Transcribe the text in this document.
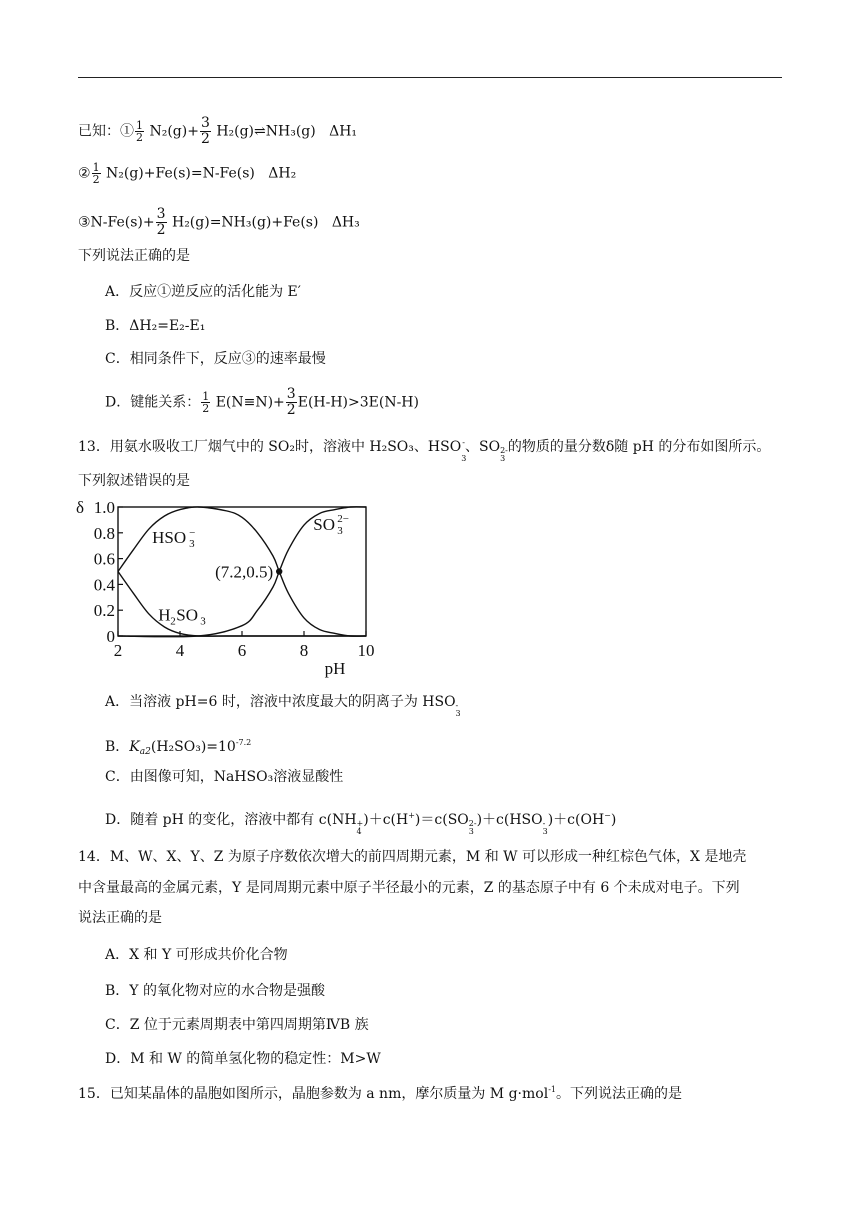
已知：① $\frac{1}{2} N_2(g)+ \frac{3}{2}$ H₂(g)⇌NH₃(g) ΔH₁
② $\frac{1}{2} N_2(g)+Fe(s)=N-Fe(s)$ ΔH₂
③N-Fe(s)+ $\frac{3}{2} H_2(g)=NH_3(g)+Fe(s)$ ΔH₃
下列说法正确的是
A．反应①逆反应的活化能为 E′
B．ΔH₂=E₂-E₁
C．相同条件下，反应③的速率最慢
D．键能关系： $\frac{1}{2} E(N\equiv N)+ \frac{3}{2} E(H-H)>3E(N-H)$
13．用氨水吸收工厂烟气中的 SO₂时，溶液中 H₂SO₃、HSO

3
-、SO 2-
3
的物质的量分数δ随 pH 的分布如图所示。
下列叙述错误的是
2	4	6	8	10
0
0.2
0.4
0.6
0.8
1.0
pH
δ
(7.2,0.5)
HSO 3
−	SO 3
2−
H 2 SO 3
A．当溶液 pH=6 时，溶液中浓度最大的阴离子为 HSO -
3
B．$K_{a2}(H_2SO_3)=10^{-7.2}$
C．由图像可知，NaHSO₃溶液显酸性
D．随着 pH 的变化，溶液中都有 c(NH +
4
)＋c(H+)＝c(SO 2-
3
)＋c(HSO -
3
)＋c(OH−)
14．M、W、X、Y、Z 为原子序数依次增大的前四周期元素，M 和 W 可以形成一种红棕色气体，X 是地壳
中含量最高的金属元素，Y 是同周期元素中原子半径最小的元素，Z 的基态原子中有 6 个未成对电子。下列
说法正确的是
A．X 和 Y 可形成共价化合物
B．Y 的氧化物对应的水合物是强酸
C．Z 位于元素周期表中第四周期第ⅣB 族
D．M 和 W 的简单氢化物的稳定性：M>W
15．已知某晶体的晶胞如图所示，晶胞参数为 a nm，摩尔质量为 M g·mol$^{-1}$。下列说法正确的是
